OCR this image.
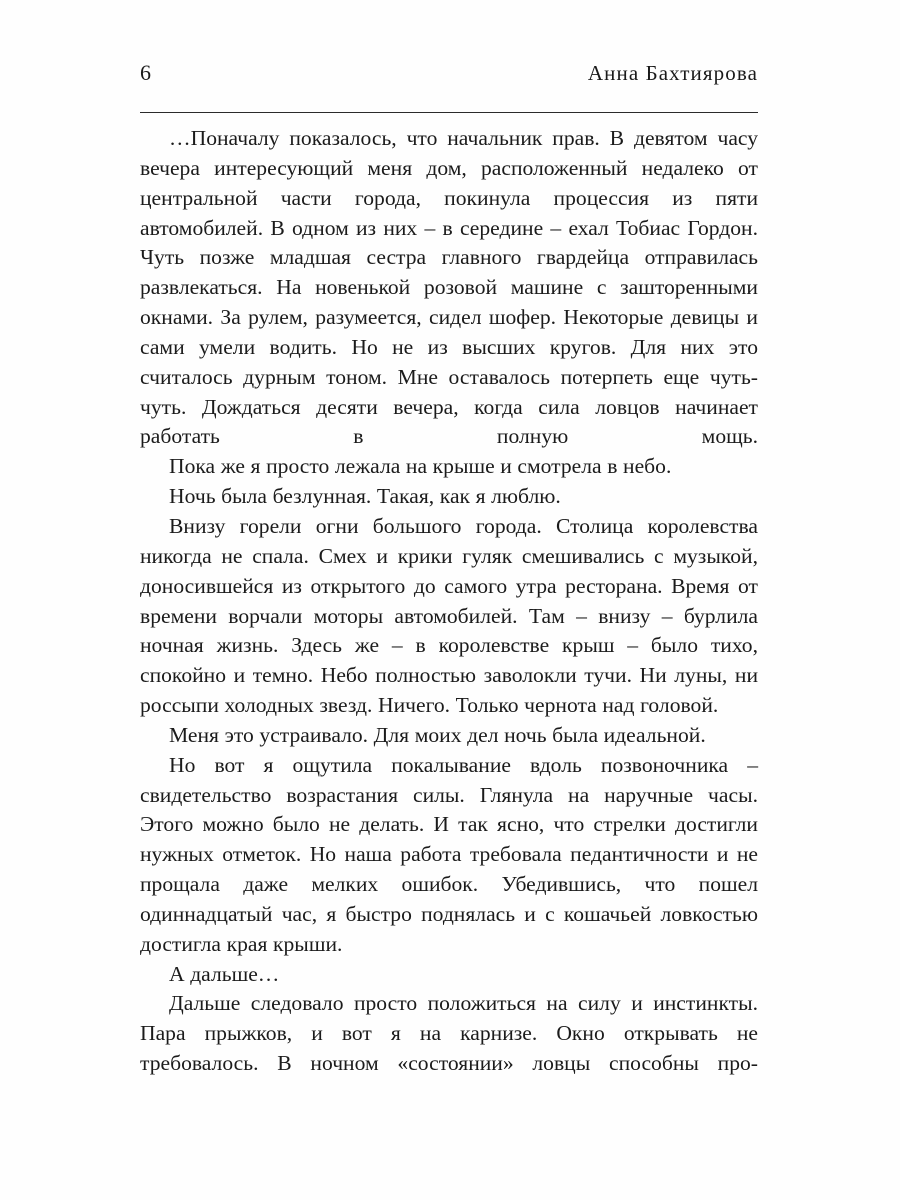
6	Анна Бахтиярова

…Поначалу показалось, что начальник прав. В девятом часу вечера интересующий меня дом, расположенный недалеко от центральной части города, покинула процессия из пяти автомобилей. В одном из них – в середине – ехал Тобиас Гордон. Чуть позже младшая сестра главного гвардейца отправилась развлекаться. На новенькой розовой машине с зашторенными окнами. За рулем, разумеется, сидел шофер. Некоторые девицы и сами умели водить. Но не из высших кругов. Для них это считалось дурным тоном. Мне оставалось потерпеть еще чуть-чуть. Дождаться десяти вечера, когда сила ловцов начинает работать в полную мощь.

Пока же я просто лежала на крыше и смотрела в небо.

Ночь была безлунная. Такая, как я люблю.

Внизу горели огни большого города. Столица королевства никогда не спала. Смех и крики гуляк смешивались с музыкой, доносившейся из открытого до самого утра ресторана. Время от времени ворчали моторы автомобилей. Там – внизу – бурлила ночная жизнь. Здесь же – в королевстве крыш – было тихо, спокойно и темно. Небо полностью заволокли тучи. Ни луны, ни россыпи холодных звезд. Ничего. Только чернота над головой.

Меня это устраивало. Для моих дел ночь была идеальной.

Но вот я ощутила покалывание вдоль позвоночника – свидетельство возрастания силы. Глянула на наручные часы. Этого можно было не делать. И так ясно, что стрелки достигли нужных отметок. Но наша работа требовала педантичности и не прощала даже мелких ошибок. Убедившись, что пошел одиннадцатый час, я быстро поднялась и с кошачьей ловкостью достигла края крыши.

А дальше…

Дальше следовало просто положиться на силу и инстинкты. Пара прыжков, и вот я на карнизе. Окно открывать не требовалось. В ночном «состоянии» ловцы способны про-
